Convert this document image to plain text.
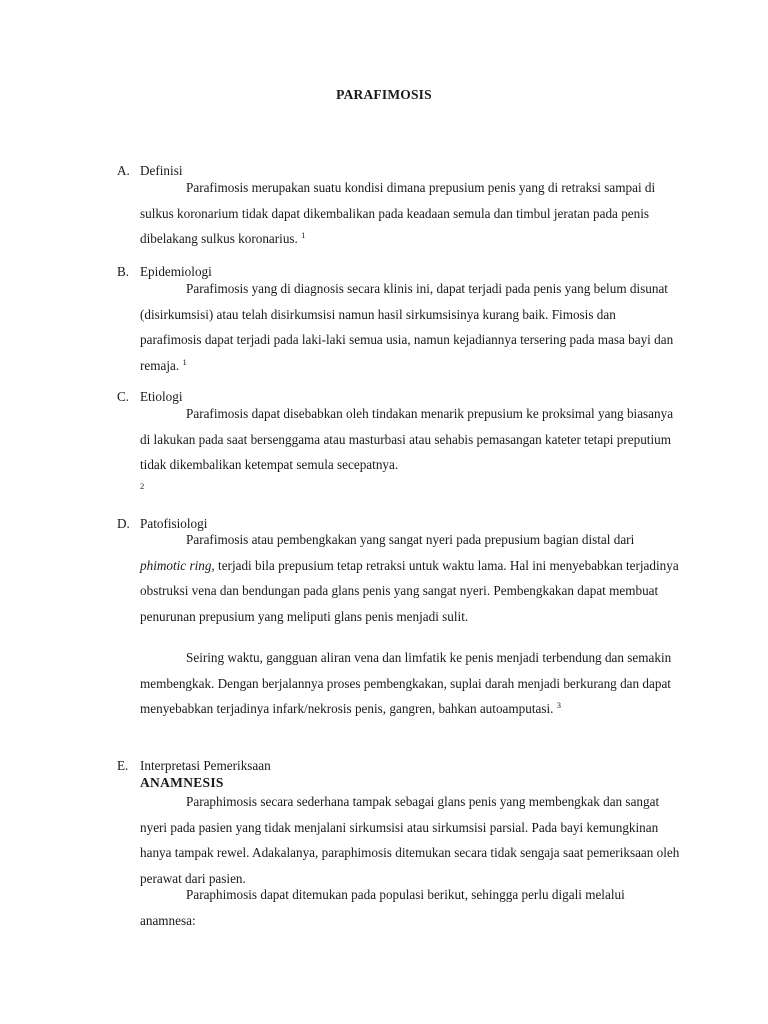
PARAFIMOSIS
A. Definisi

Parafimosis merupakan suatu kondisi dimana prepusium penis yang di retraksi sampai di sulkus koronarium tidak dapat dikembalikan pada keadaan semula dan timbul jeratan pada penis dibelakang sulkus koronarius. $^1$

B. Epidemiologi

Parafimosis yang di diagnosis secara klinis ini, dapat terjadi pada penis yang belum disunat (disirkumsisi) atau telah disirkumsisi namun hasil sirkumsisinya kurang baik. Fimosis dan parafimosis dapat terjadi pada laki-laki semua usia, namun kejadiannya tersering pada masa bayi dan remaja. $^1$

C. Etiologi

Parafimosis dapat disebabkan oleh tindakan menarik prepusium ke proksimal yang biasanya di lakukan pada saat bersenggama atau masturbasi atau sehabis pemasangan kateter tetapi preputium tidak dikembalikan ketempat semula secepatnya.

2
D. Patofisiologi

Parafimosis atau pembengkakan yang sangat nyeri pada prepusium bagian distal dari phimotic ring, terjadi bila prepusium tetap retraksi untuk waktu lama. Hal ini menyebabkan terjadinya obstruksi vena dan bendungan pada glans penis yang sangat nyeri. Pembengkakan dapat membuat penurunan prepusium yang meliputi glans penis menjadi sulit.

Seiring waktu, gangguan aliran vena dan limfatik ke penis menjadi terbendung dan semakin membengkak. Dengan berjalannya proses pembengkakan, suplai darah menjadi berkurang dan dapat menyebabkan terjadinya infark/nekrosis penis, gangren, bahkan autoamputasi. $^3$

E. Interpretasi Pemeriksaan
ANAMNESIS

Paraphimosis secara sederhana tampak sebagai glans penis yang membengkak dan sangat nyeri pada pasien yang tidak menjalani sirkumsisi atau sirkumsisi parsial. Pada bayi kemungkinan hanya tampak rewel. Adakalanya, paraphimosis ditemukan secara tidak sengaja saat pemeriksaan oleh perawat dari pasien.

Paraphimosis dapat ditemukan pada populasi berikut, sehingga perlu digali melalui anamnesa:
